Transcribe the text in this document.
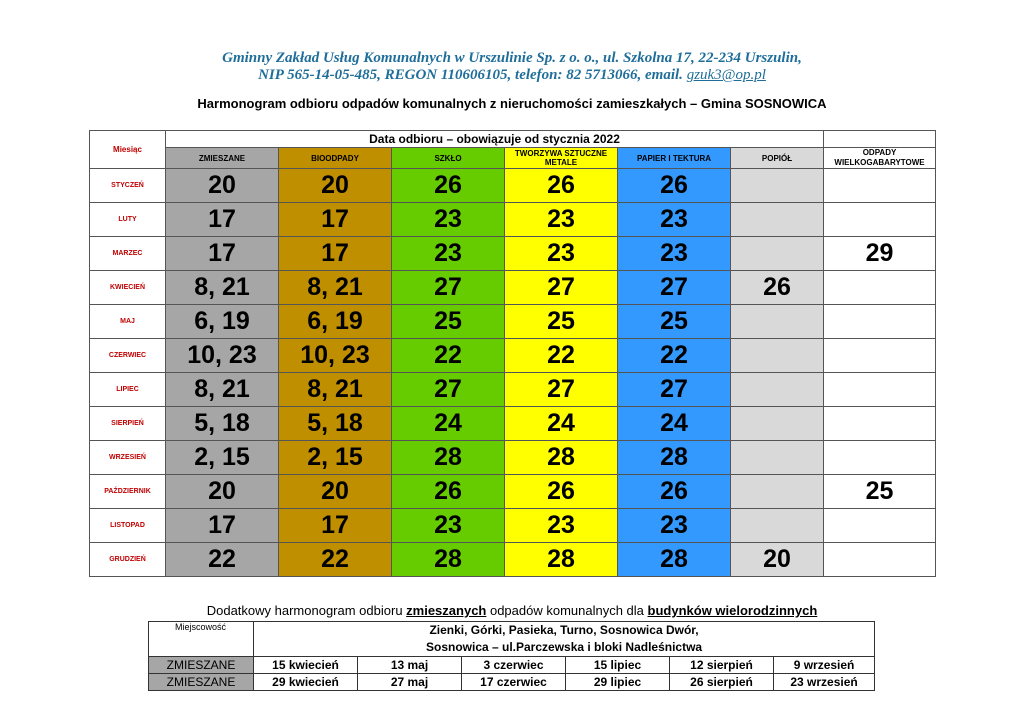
Gminny Zakład Usług Komunalnych w Urszulinie Sp. z o. o., ul. Szkolna 17, 22-234 Urszulin,
NIP 565-14-05-485, REGON 110606105, telefon: 82 5713066, email. gzuk3@op.pl
Harmonogram odbioru odpadów komunalnych z nieruchomości zamieszkałych – Gmina SOSNOWICA
Miesiąc	Data odbioru – obowiązuje od stycznia 2022						
	ZMIESZANE	BIOODPADY	SZKŁO	TWORZYWA SZTUCZNE METALE	PAPIER I TEKTURA	POPIÓŁ	ODPADY WIELKOGABARYTOWE
STYCZEŃ	20	20	26	26	26		
LUTY	17	17	23	23	23		
MARZEC	17	17	23	23	23		29
KWIECIEŃ	8, 21	8, 21	27	27	27	26	
MAJ	6, 19	6, 19	25	25	25		
CZERWIEC	10, 23	10, 23	22	22	22		
LIPIEC	8, 21	8, 21	27	27	27		
SIERPIEŃ	5, 18	5, 18	24	24	24		
WRZESIEŃ	2, 15	2, 15	28	28	28		
PAŹDZIERNIK	20	20	26	26	26		25
LISTOPAD	17	17	23	23	23		
GRUDZIEŃ	22	22	28	28	28	20	
Dodatkowy harmonogram odbioru zmieszanych odpadów komunalnych dla budynków wielorodzinnych
Miejscowość	Zienki, Górki, Pasieka, Turno, Sosnowica Dwór,
Sosnowica – ul.Parczewska i bloki Nadleśnictwa					
ZMIESZANE	15 kwiecień	13 maj	3 czerwiec	15 lipiec	12 sierpień	9 wrzesień
ZMIESZANE	29 kwiecień	27 maj	17 czerwiec	29 lipiec	26 sierpień	23 wrzesień
